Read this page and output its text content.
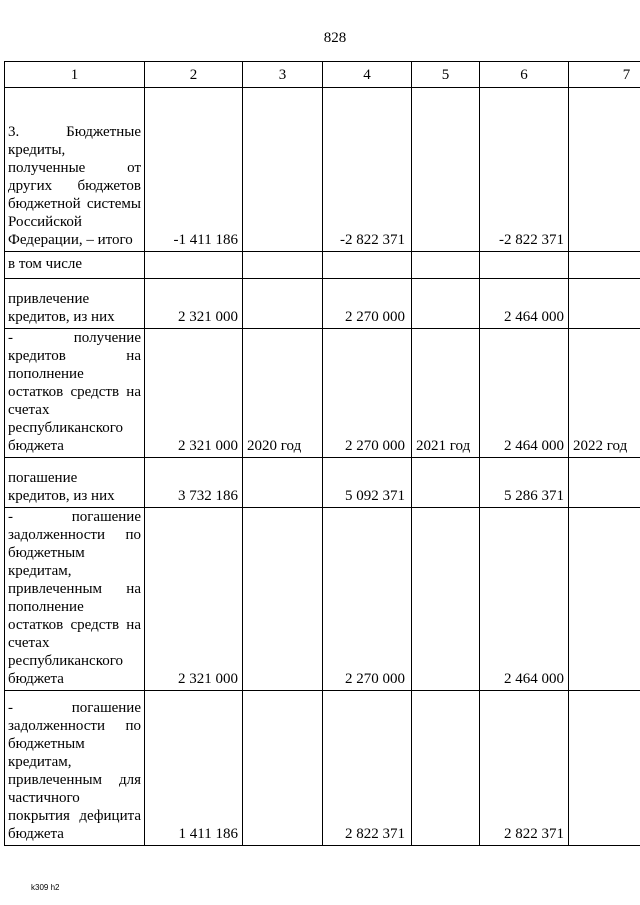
828
1	2	3	4	5	6	7
3. Бюджетные кредиты, полученные от других бюджетов бюджетной системы Российской Федерации, – итого	-1 411 186		-2 822 371		-2 822 371	
в том числе						
привлечение кредитов, из них	2 321 000		2 270 000		2 464 000	
- получение кредитов на пополнение остатков средств на счетах республиканского бюджета	2 321 000	2020 год	2 270 000	2021 год	2 464 000	2022 год
погашение кредитов, из них	3 732 186		5 092 371		5 286 371	
- погашение задолженности по бюджетным кредитам, привлеченным на пополнение остатков средств на счетах республиканского бюджета	2 321 000		2 270 000		2 464 000	
- погашение задолженности по бюджетным кредитам, привлеченным для частичного покрытия дефицита бюджета	1 411 186		2 822 371		2 822 371	
k309 h2
